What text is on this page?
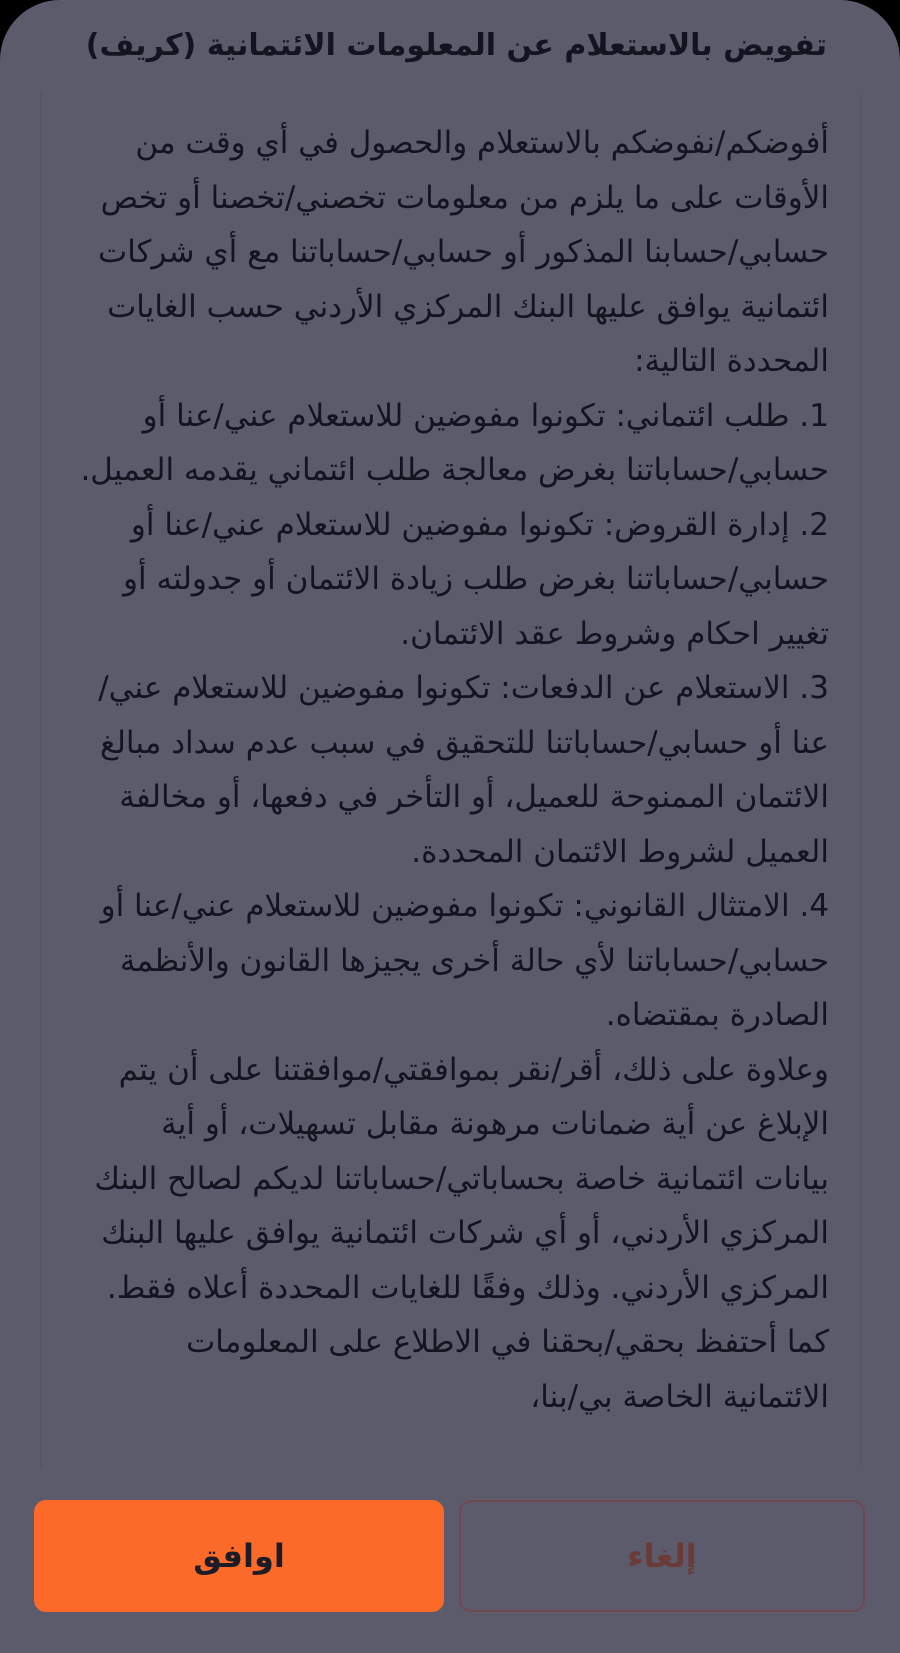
تفويض بالاستعلام عن المعلومات الائتمانية (كريف)

أفوضكم/نفوضكم بالاستعلام والحصول في أي وقت من الأوقات على ما يلزم من معلومات تخصني/تخصنا أو تخص حسابي/حسابنا المذكور أو حسابي/حساباتنا مع أي شركات ائتمانية يوافق عليها البنك المركزي الأردني حسب الغايات المحددة التالية:

1. طلب ائتماني: تكونوا مفوضين للاستعلام عني/عنا أو حسابي/حساباتنا بغرض معالجة طلب ائتماني يقدمه العميل.

2. إدارة القروض: تكونوا مفوضين للاستعلام عني/عنا أو حسابي/حساباتنا بغرض طلب زيادة الائتمان أو جدولته أو تغيير احكام وشروط عقد الائتمان.

3. الاستعلام عن الدفعات: تكونوا مفوضين للاستعلام عني/عنا أو حسابي/حساباتنا للتحقيق في سبب عدم سداد مبالغ الائتمان الممنوحة للعميل، أو التأخر في دفعها، أو مخالفة العميل لشروط الائتمان المحددة.

4. الامتثال القانوني: تكونوا مفوضين للاستعلام عني/عنا أو حسابي/حساباتنا لأي حالة أخرى يجيزها القانون والأنظمة الصادرة بمقتضاه.

وعلاوة على ذلك، أقر/نقر بموافقتي/موافقتنا على أن يتم الإبلاغ عن أية ضمانات مرهونة مقابل تسهيلات، أو أية بيانات ائتمانية خاصة بحساباتي/حساباتنا لديكم لصالح البنك المركزي الأردني، أو أي شركات ائتمانية يوافق عليها البنك المركزي الأردني. وذلك وفقًا للغايات المحددة أعلاه فقط. كما أحتفظ بحقي/بحقنا في الاطلاع على المعلومات الائتمانية الخاصة بي/بنا،

اوافق	إلغاء
